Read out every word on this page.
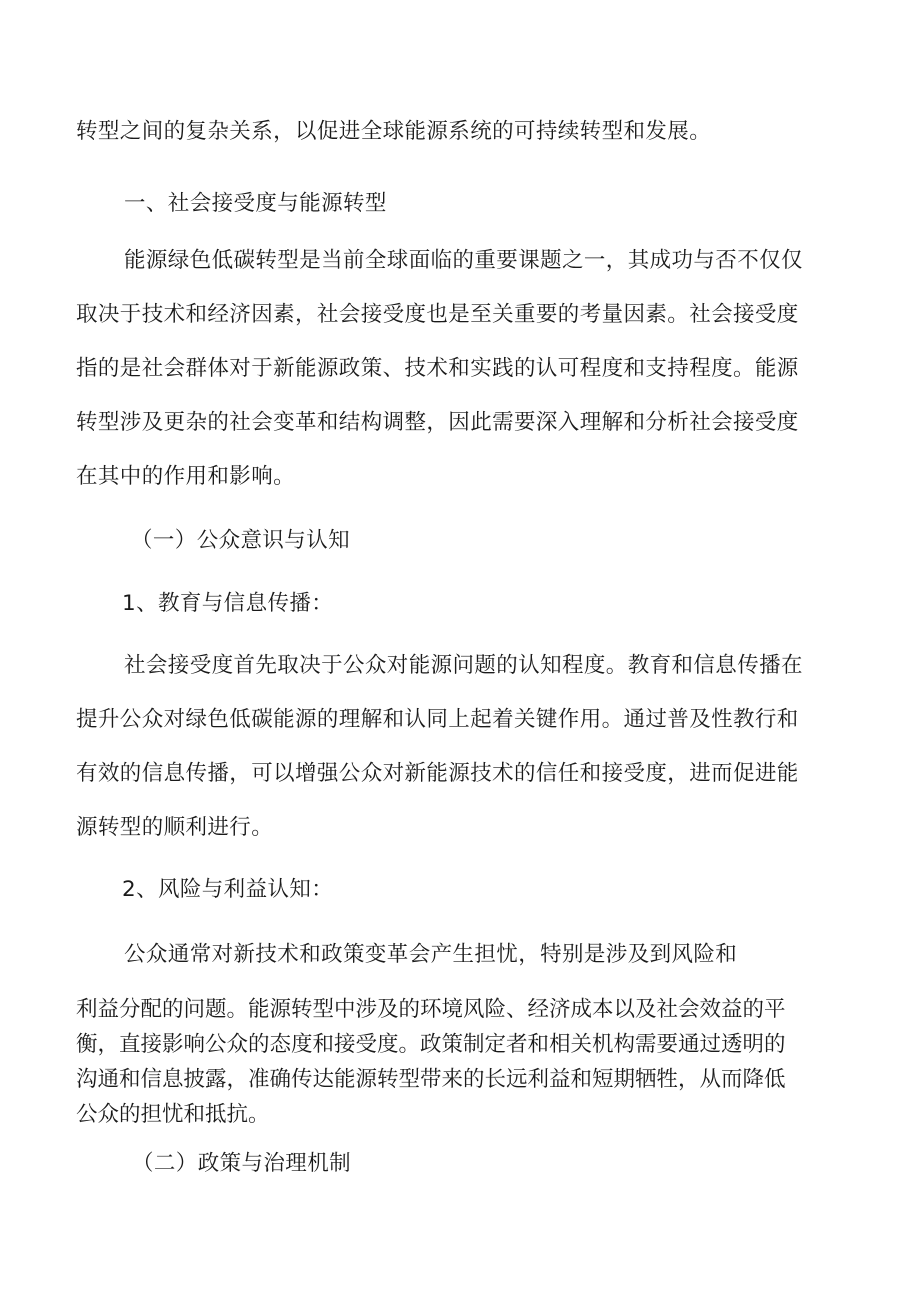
转型之间的复杂关系，以促进全球能源系统的可持续转型和发展。
一、社会接受度与能源转型
能源绿色低碳转型是当前全球面临的重要课题之一，其成功与否不仅仅
取决于技术和经济因素，社会接受度也是至关重要的考量因素。社会接受度
指的是社会群体对于新能源政策、技术和实践的认可程度和支持程度。能源
转型涉及更杂的社会变革和结构调整，因此需要深入理解和分析社会接受度
在其中的作用和影响。
（一）公众意识与认知
1、教育与信息传播：
社会接受度首先取决于公众对能源问题的认知程度。教育和信息传播在
提升公众对绿色低碳能源的理解和认同上起着关键作用。通过普及性教行和
有效的信息传播，可以增强公众对新能源技术的信任和接受度，进而促进能
源转型的顺利进行。
2、风险与利益认知：
公众通常对新技术和政策变革会产生担忧，特别是涉及到风险和
利益分配的问题。能源转型中涉及的环境风险、经济成本以及社会效益的平
衡，直接影响公众的态度和接受度。政策制定者和相关机构需要通过透明的
沟通和信息披露，准确传达能源转型带来的长远利益和短期牺牲，从而降低
公众的担忧和抵抗。
（二）政策与治理机制
